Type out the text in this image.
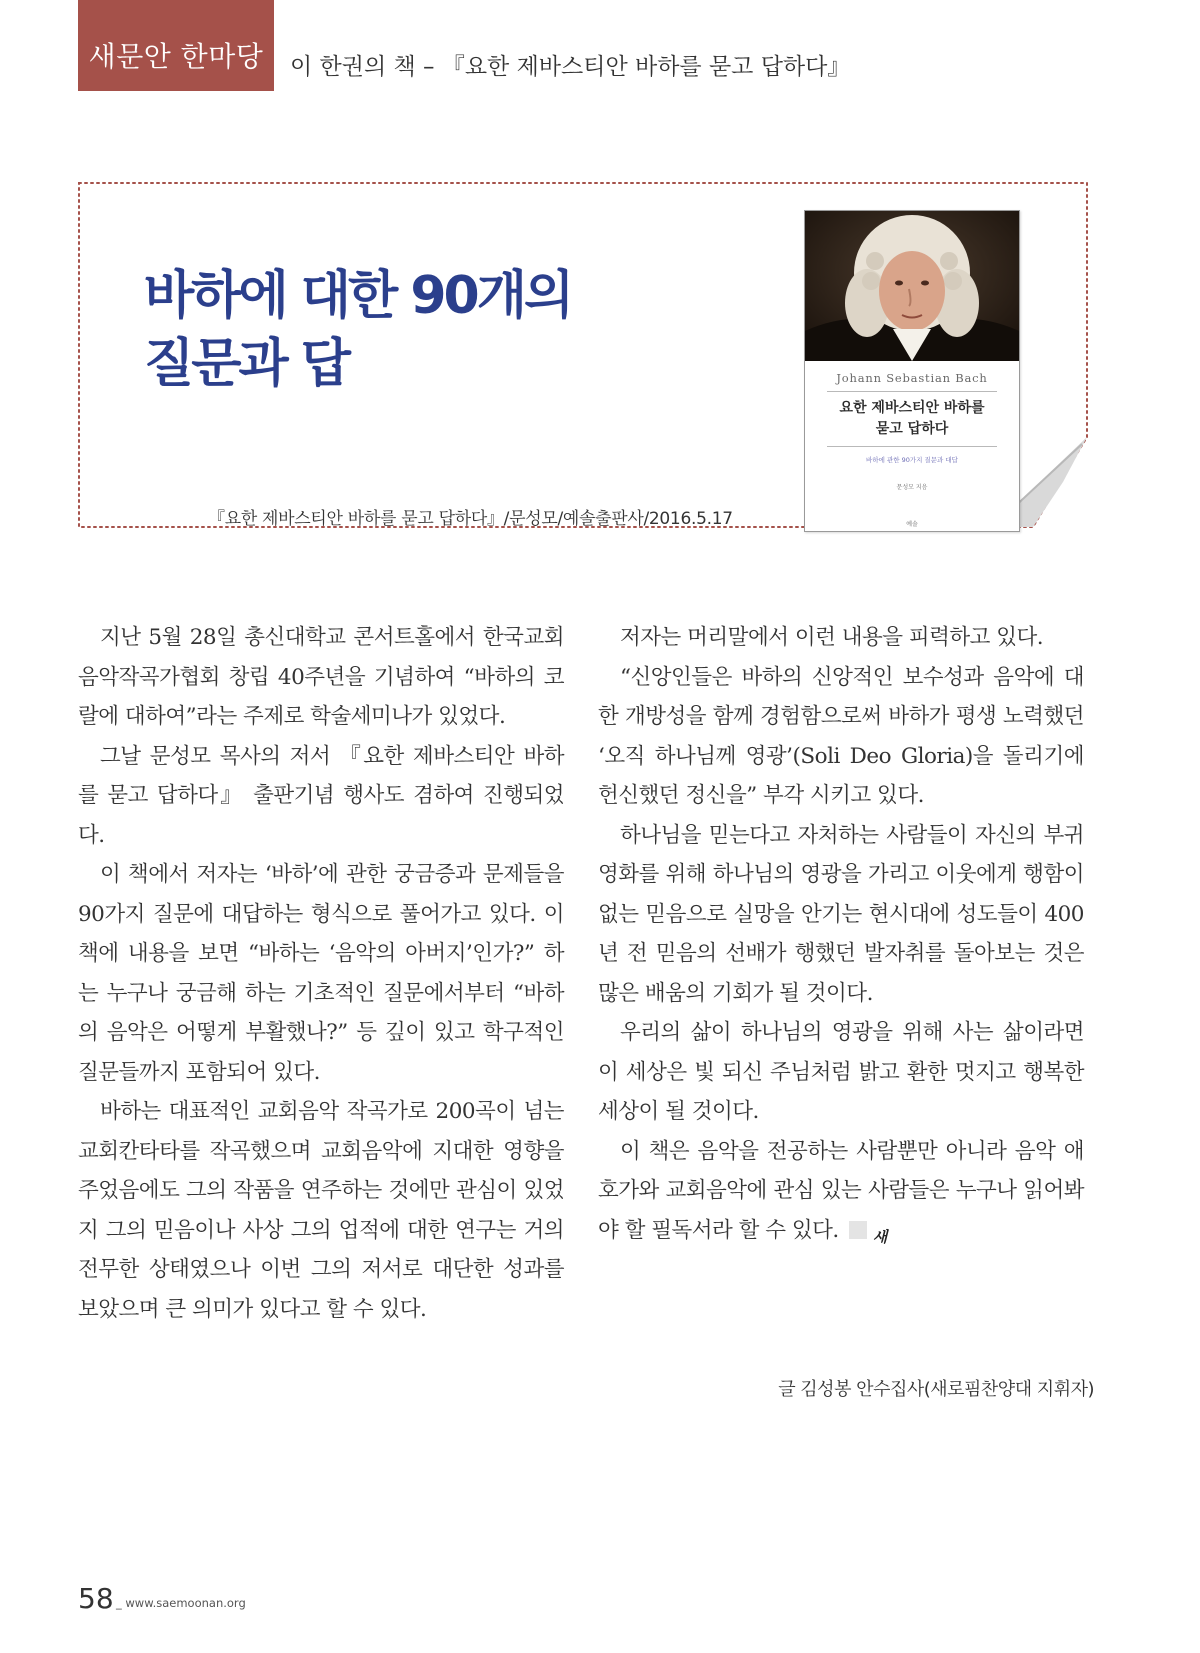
새문안 한마당	이 한권의 책 – 『요한 제바스티안 바하를 묻고 답하다』
바하에 대한 90개의
질문과 답
『요한 제바스티안 바하를 묻고 답하다』/문성모/예솔출판사/2016.5.17
Johann Sebastian Bach
요한 제바스티안 바하를
묻고 답하다
바하에 관한 90가지 질문과 대답
문성모 지음
예솔

지난 5월 28일 총신대학교 콘서트홀에서 한국교회음악작곡가협회 창립 40주년을 기념하여 “바하의 코랄에 대하여”라는 주제로 학술세미나가 있었다.

그날 문성모 목사의 저서 『요한 제바스티안 바하를 묻고 답하다』 출판기념 행사도 겸하여 진행되었다.

이 책에서 저자는 ‘바하’에 관한 궁금증과 문제들을 90가지 질문에 대답하는 형식으로 풀어가고 있다. 이 책에 내용을 보면 “바하는 ‘음악의 아버지’인가?” 하는 누구나 궁금해 하는 기초적인 질문에서부터 “바하의 음악은 어떻게 부활했나?” 등 깊이 있고 학구적인 질문들까지 포함되어 있다.

바하는 대표적인 교회음악 작곡가로 200곡이 넘는 교회칸타타를 작곡했으며 교회음악에 지대한 영향을 주었음에도 그의 작품을 연주하는 것에만 관심이 있었지 그의 믿음이나 사상 그의 업적에 대한 연구는 거의 전무한 상태였으나 이번 그의 저서로 대단한 성과를 보았으며 큰 의미가 있다고 할 수 있다.

저자는 머리말에서 이런 내용을 피력하고 있다.

“신앙인들은 바하의 신앙적인 보수성과 음악에 대한 개방성을 함께 경험함으로써 바하가 평생 노력했던 ‘오직 하나님께 영광’(Soli Deo Gloria)을 돌리기에 헌신했던 정신을” 부각 시키고 있다.

하나님을 믿는다고 자처하는 사람들이 자신의 부귀영화를 위해 하나님의 영광을 가리고 이웃에게 행함이 없는 믿음으로 실망을 안기는 현시대에 성도들이 400년 전 믿음의 선배가 행했던 발자취를 돌아보는 것은 많은 배움의 기회가 될 것이다.

우리의 삶이 하나님의 영광을 위해 사는 삶이라면 이 세상은 빛 되신 주님처럼 밝고 환한 멋지고 행복한 세상이 될 것이다.

이 책은 음악을 전공하는 사람뿐만 아니라 음악 애호가와 교회음악에 관심 있는 사람들은 누구나 읽어봐야 할 필독서라 할 수 있다.	새

글 김성봉 안수집사(새로핌찬양대 지휘자)
58 _ www.saemoonan.org
